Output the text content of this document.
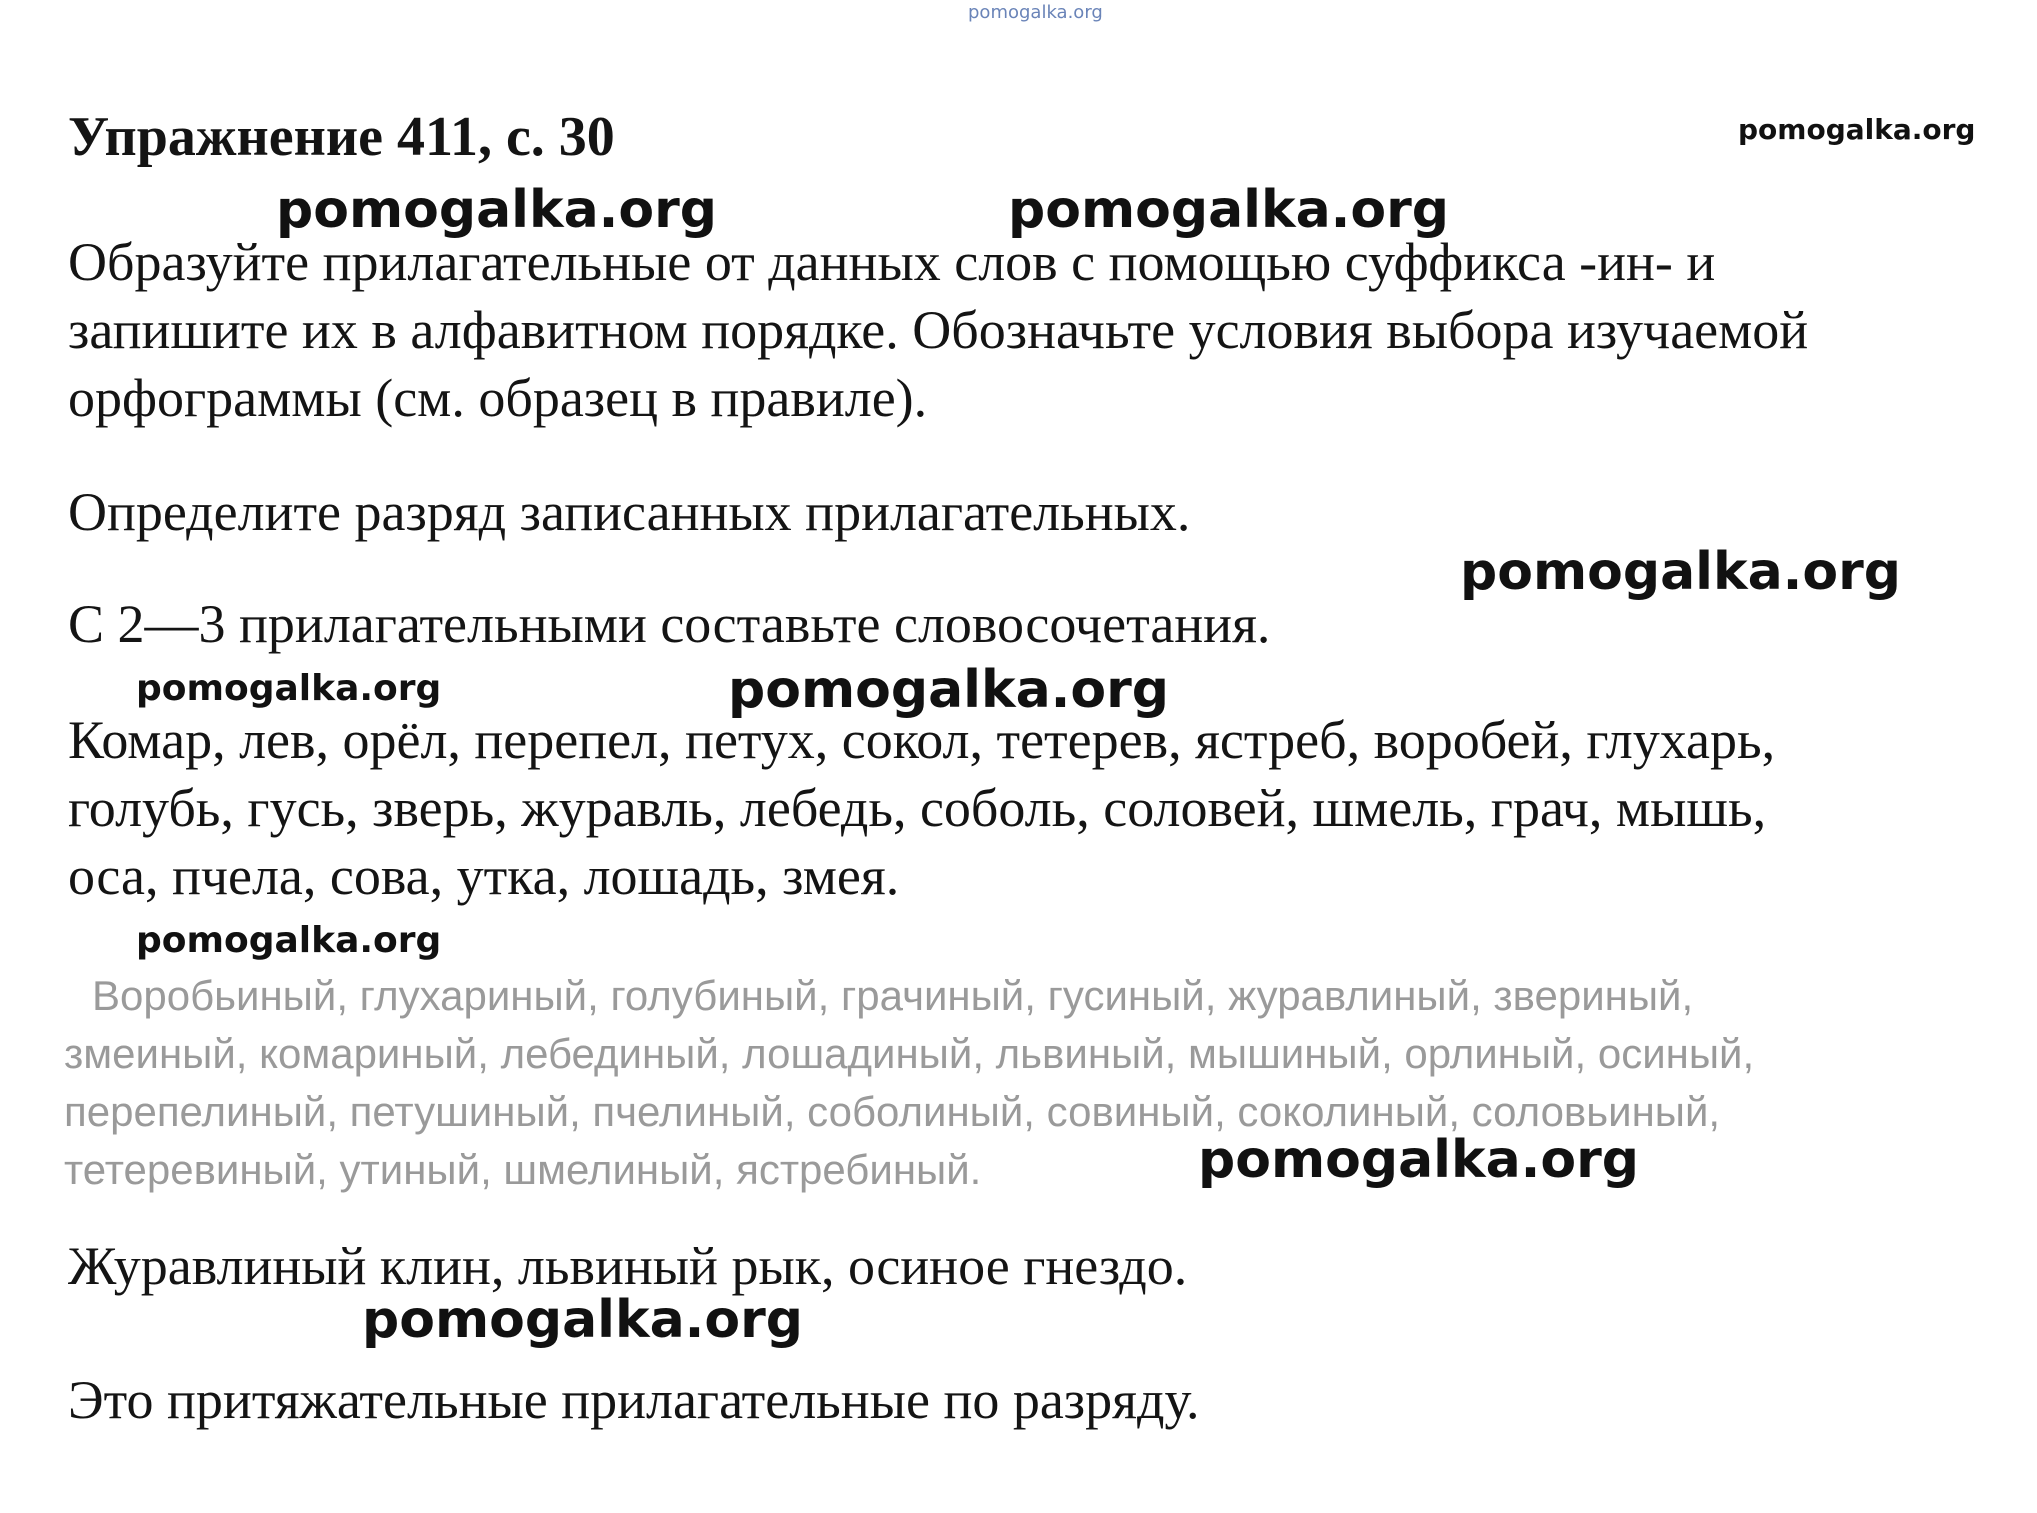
pomogalka.org
Упражнение 411, с. 30	pomogalka.org
pomogalka.org	pomogalka.org

Образуйте прилагательные от данных слов с помощью суффикса -ин- и
запишите их в алфавитном порядке. Обозначьте условия выбора изучаемой
орфограммы (см. образец в правиле).

Определите разряд записанных прилагательных.

pomogalka.org

С 2—3 прилагательными составьте словосочетания.

pomogalka.org	pomogalka.org

Комар, лев, орёл, перепел, петух, сокол, тетерев, ястреб, воробей, глухарь,
голубь, гусь, зверь, журавль, лебедь, соболь, соловей, шмель, грач, мышь,
оса, пчела, сова, утка, лошадь, змея.

pomogalka.org
Воробьиный, глухариный, голубиный, грачиный, гусиный, журавлиный, звериный,
змеиный, комариный, лебединый, лошадиный, львиный, мышиный, орлиный, осиный,
перепелиный, петушиный, пчелиный, соболиный, совиный, соколиный, соловьиный,
тетеревиный, утиный, шмелиный, ястребиный.	pomogalka.org

Журавлиный клин, львиный рык, осиное гнездо.

pomogalka.org

Это притяжательные прилагательные по разряду.
